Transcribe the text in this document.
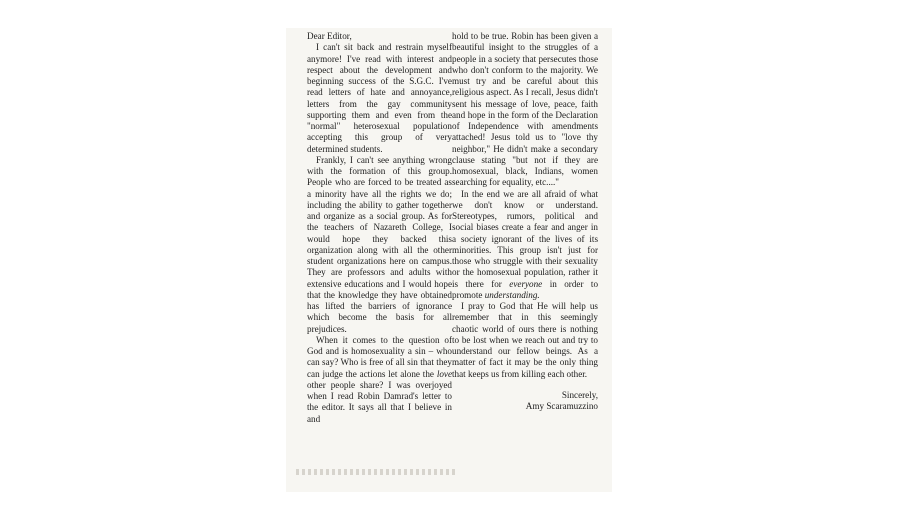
Dear Editor,

I can't sit back and restrain myself anymore! I've read with interest and respect about the development and beginning success of the S.G.C. I've read letters of hate and annoyance, letters from the gay community supporting them and even from the "normal" heterosexual population accepting this group of very determined students.

Frankly, I can't see anything wrong with the formation of this group. People who are forced to be treated as a minority have all the rights we do; including the ability to gather together and organize as a social group. As for the teachers of Nazareth College, I would hope they backed this organization along with all the other student organizations here on campus. They are professors and adults with extensive educations and I would hope that the knowledge they have obtained has lifted the barriers of ignorance which become the basis for all prejudices.

When it comes to the question of God and is homosexuality a sin – who can say? Who is free of all sin that they can judge the actions let alone the love other people share? I was overjoyed when I read Robin Damrad's letter to the editor. It says all that I believe in and

hold to be true. Robin has been given a beautiful insight to the struggles of a people in a society that persecutes those who don't conform to the majority. We must try and be careful about this religious aspect. As I recall, Jesus didn't sent his message of love, peace, faith and hope in the form of the Declaration of Independence with amendments attached! Jesus told us to "love thy neighbor," He didn't make a secondary clause stating "but not if they are homosexual, black, Indians, women searching for equality, etc...."

In the end we are all afraid of what we don't know or understand. Stereotypes, rumors, political and social biases create a fear and anger in a society ignorant of the lives of its minorities. This group isn't just for those who struggle with their sexuality or the homosexual population, rather it is there for everyone in order to promote understanding.

I pray to God that He will help us remember that in this seemingly chaotic world of ours there is nothing to be lost when we reach out and try to understand our fellow beings. As a matter of fact it may be the only thing that keeps us from killing each other.

Sincerely,

Amy Scaramuzzino
